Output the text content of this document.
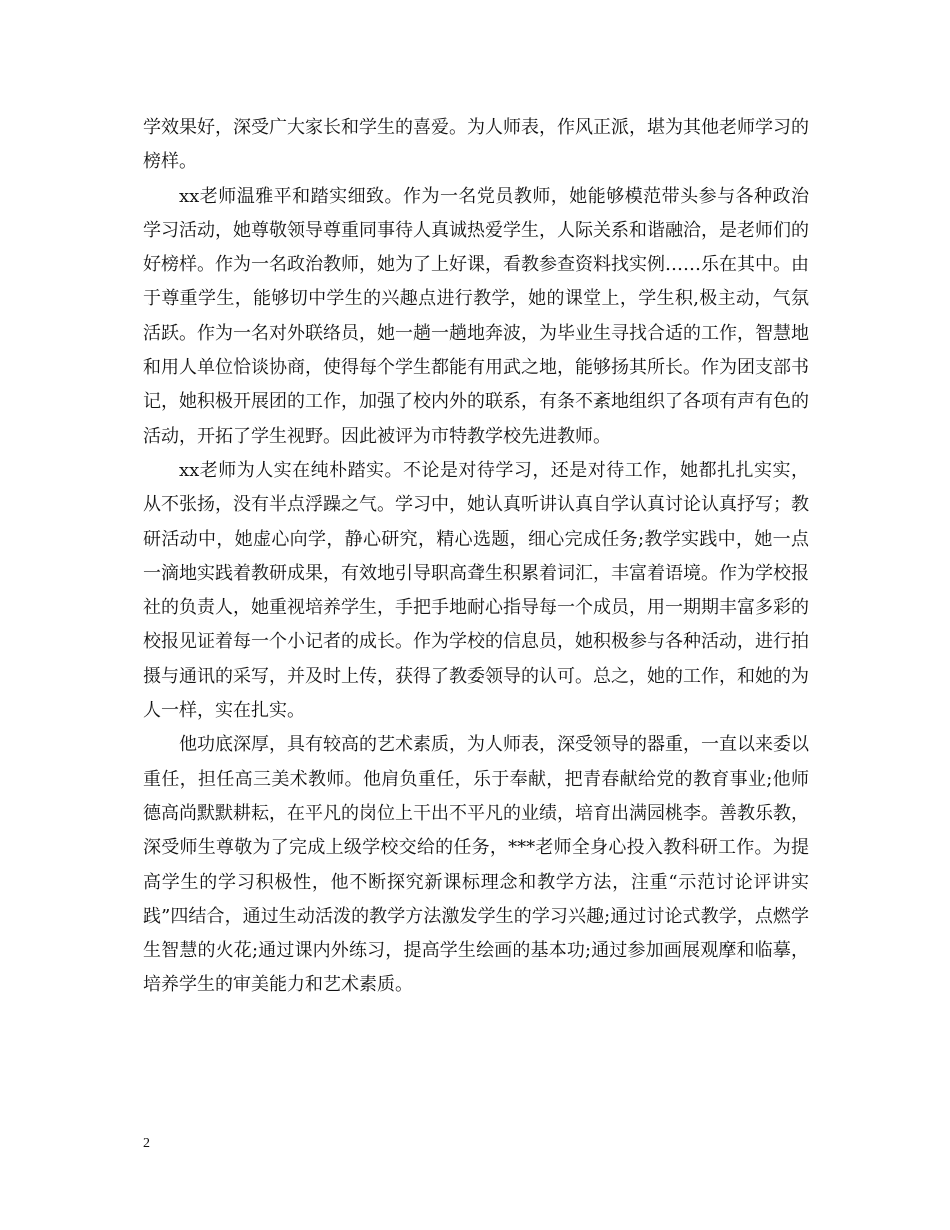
学效果好，深受广大家长和学生的喜爱。为人师表，作风正派，堪为其他老师学习的榜样。

xx老师温雅平和踏实细致。作为一名党员教师，她能够模范带头参与各种政治学习活动，她尊敬领导尊重同事待人真诚热爱学生，人际关系和谐融洽，是老师们的好榜样。作为一名政治教师，她为了上好课，看教参查资料找实例……乐在其中。由于尊重学生，能够切中学生的兴趣点进行教学，她的课堂上，学生积,极主动，气氛活跃。作为一名对外联络员，她一趟一趟地奔波，为毕业生寻找合适的工作，智慧地和用人单位恰谈协商，使得每个学生都能有用武之地，能够扬其所长。作为团支部书记，她积极开展团的工作，加强了校内外的联系，有条不紊地组织了各项有声有色的活动，开拓了学生视野。因此被评为市特教学校先进教师。

xx老师为人实在纯朴踏实。不论是对待学习，还是对待工作，她都扎扎实实，从不张扬，没有半点浮躁之气。学习中，她认真听讲认真自学认真讨论认真抒写；教研活动中，她虚心向学，静心研究，精心选题，细心完成任务;教学实践中，她一点一滴地实践着教研成果，有效地引导职高聋生积累着词汇，丰富着语境。作为学校报社的负责人，她重视培养学生，手把手地耐心指导每一个成员，用一期期丰富多彩的校报见证着每一个小记者的成长。作为学校的信息员，她积极参与各种活动，进行拍摄与通讯的采写，并及时上传，获得了教委领导的认可。总之，她的工作，和她的为人一样，实在扎实。

他功底深厚，具有较高的艺术素质，为人师表，深受领导的器重，一直以来委以重任，担任高三美术教师。他肩负重任，乐于奉献，把青春献给党的教育事业;他师德高尚默默耕耘，在平凡的岗位上干出不平凡的业绩，培育出满园桃李。善教乐教，深受师生尊敬为了完成上级学校交给的任务，***老师全身心投入教科研工作。为提高学生的学习积极性，他不断探究新课标理念和教学方法，注重“示范讨论评讲实践”四结合，通过生动活泼的教学方法激发学生的学习兴趣;通过讨论式教学，点燃学生智慧的火花;通过课内外练习，提高学生绘画的基本功;通过参加画展观摩和临摹，培养学生的审美能力和艺术素质。

2
